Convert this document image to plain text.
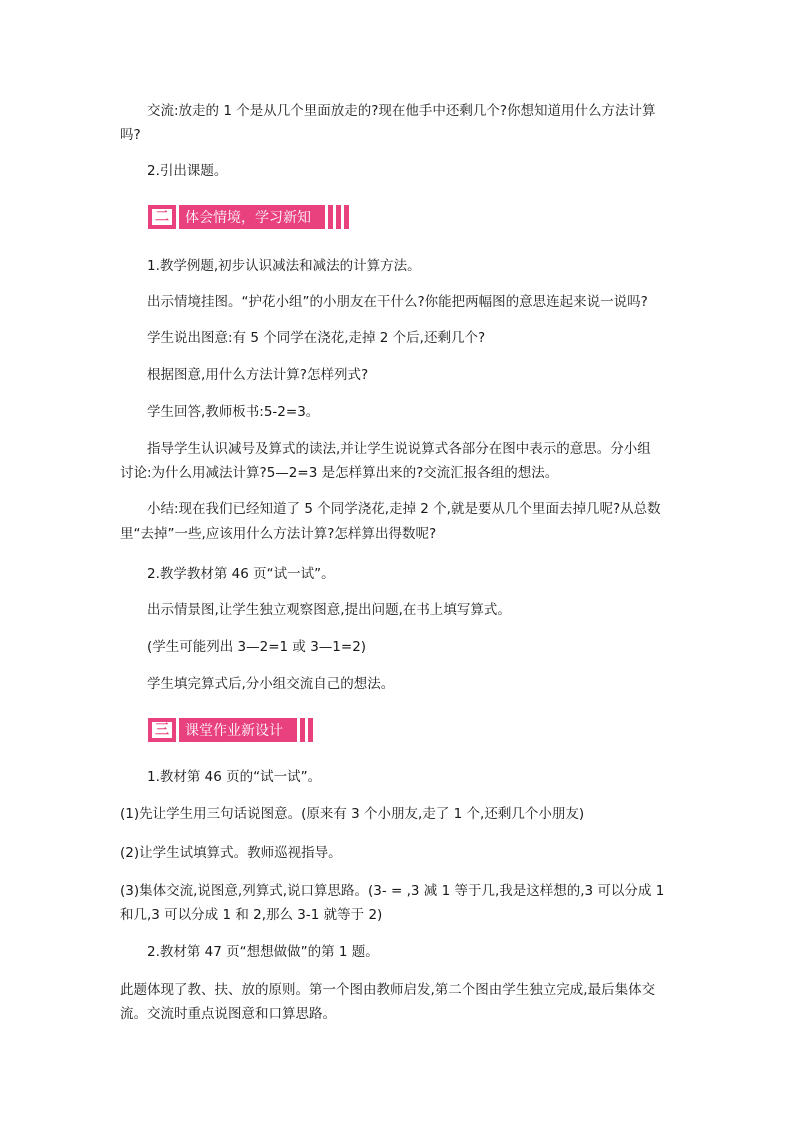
交流:放走的 1 个是从几个里面放走的?现在他手中还剩几个?你想知道用什么方法计算
吗?
2.引出课题。
二	体会情境，学习新知
1.教学例题,初步认识减法和减法的计算方法。
出示情境挂图。“护花小组”的小朋友在干什么?你能把两幅图的意思连起来说一说吗?
学生说出图意:有 5 个同学在浇花,走掉 2 个后,还剩几个?
根据图意,用什么方法计算?怎样列式?
学生回答,教师板书:5-2=3。
指导学生认识减号及算式的读法,并让学生说说算式各部分在图中表示的意思。分小组
讨论:为什么用减法计算?5—2=3 是怎样算出来的?交流汇报各组的想法。
小结:现在我们已经知道了 5 个同学浇花,走掉 2 个,就是要从几个里面去掉几呢?从总数
里“去掉”一些,应该用什么方法计算?怎样算出得数呢?
2.教学教材第 46 页“试一试”。
出示情景图,让学生独立观察图意,提出问题,在书上填写算式。
(学生可能列出 3—2=1 或 3—1=2)
学生填完算式后,分小组交流自己的想法。
三	课堂作业新设计
1.教材第 46 页的“试一试”。
(1)先让学生用三句话说图意。(原来有 3 个小朋友,走了 1 个,还剩几个小朋友)
(2)让学生试填算式。教师巡视指导。
(3)集体交流,说图意,列算式,说口算思路。(3- = ,3 减 1 等于几,我是这样想的,3 可以分成 1
和几,3 可以分成 1 和 2,那么 3-1 就等于 2)
2.教材第 47 页“想想做做”的第 1 题。
此题体现了教、扶、放的原则。第一个图由教师启发,第二个图由学生独立完成,最后集体交
流。交流时重点说图意和口算思路。
